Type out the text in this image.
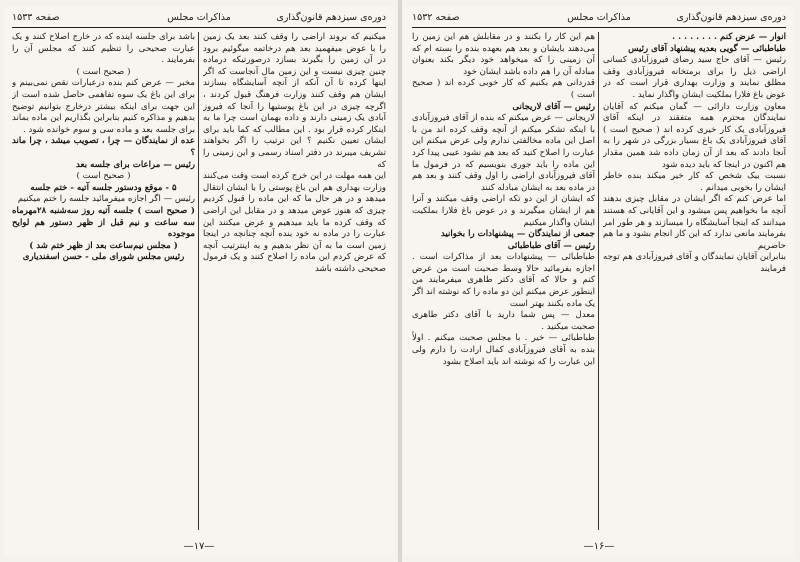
دوره‌ی سیزدهم قانون‌گذاری
مذاکرات مجلس
صفحه ۱۵۳۳

میکنیم که بروند اراضی را وقف کنند بعد یک زمین را با عوض میفهمید بعد هم درخاتمه میگوئیم برود در آن زمین را بگیرند بسازد درصورتیکه درماده چنین چیزی نیست و این زمین مال آنجاست که اگر اینها کرده تا آن آنکه از آنچه آسایشگاه بسازند ایشان هم وقف کنند وزارت فرهنگ قبول کردند ، اگرچه چیزی در این باغ پوستیها را آنجا که فیروز آبادی یک زمینی دارند و داده بهمان است چرا ما به اینکار کرده قرار بود . این مطالب که کما باید برای ایشان تعیین نکنیم ؟ این ترتیب را اگر بخواهند تشریف میبرند در دفتر اسناد رسمی و این زمینی را که

این همه مهلت در این خرج کرده است وقت می‌کنند وزارت بهداری هم این باغ پوستی را با ایشان انتقال میدهد و در هر حال ما که این ماده را قبول کردیم چیزی که هنوز عوض میدهد و در مقابل این اراضی که وقف کرده ما باید میدهیم و عرض میکنند این عبارت را در ماده نه خود بنده آنچه چنانچه در اینجا زمین است ما به آن نظر بدهیم و به اینترتیب آنچه که عرض کردم این ماده را اصلاح کنند و یک فرمول صحیحی داشته باشد

باشد برای جلسه آینده که در خارج اصلاح کنند و یک عبارت صحیحی را تنظیم کنند که مجلس آن را بفرمایند .

( صحیح است )

مخبر — عرض کنم بنده درعبارات نقص نمی‌بینم و برای این باغ یک سوه تفاهمی حاصل شده است از این جهت برای اینکه بیشتر درخارج بتوانیم توضیح بدهیم و مذاکره کنیم بنابراین بگذاریم این ماده بماند برای جلسه بعد و ماده سی و سوم خوانده شود .

عده از نمایندگان — چرا ، تصویب میشد ، چرا ماند ؟

رئیس — مراعات برای جلسه بعد

( صحیح است )

۵ - موقع ودستور جلسه آتیه - ختم جلسه

رئیس — اگر اجازه میفرمائید جلسه را ختم میکنیم

( صحیح است ) جلسه آتیه روز سه‌شنبه ۲۸مهرماه سه ساعت و نیم قبل از ظهر دستور هم لوایح موجوده

( مجلس نیم‌ساعت بعد از ظهر ختم شد )

رئیس مجلس شورای ملی - حسن اسفندیاری

—۱۷—
دوره‌ی سیزدهم قانون‌گذاری
مذاکرات مجلس
صفحه ۱۵۳۲

انوار — عرض کنم . . . . . . . .

طباطبائی — گویی بعدیه پیشنهاد آقای رئیس

رئیس — آقای حاج سید رضای فیروزآبادی کسانی اراضی ذیل را برای برمتخانه فیروزآبادی وقف مطلق نمایند و وزارت بهداری قرار است که در عوض باغ فلارا بملکیت ایشان واگذار نماید .

معاون وزارت دارائی — گمان میکنم که آقایان نمایندگان محترم همه متفقند در اینکه آقای فیروزآبادی یک کار خیری کرده اند ( صحیح است ) آقای فیروزآبادی یک باغ بسیار بزرگی در شهر را به آنجا دادند که بعد از آن زمان داده شد همین مقدار هم اکنون در اینجا که باید دیده شود

نسبت بیک شخص که کار خیر میکند بنده خاطر ایشان را بخوبی میدانم .

اما عرض کنم که اگر ایشان در مقابل چیزی بدهند آنچه ما بخواهیم پس میشود و این آقایانی که هستند میدانند که اینجا آسایشگاه را میسازند و هر طور امر بفرمایند مانعی ندارد که این کار انجام بشود و ما هم حاضریم

بنابراین آقایان نمایندگان و آقای فیروزآبادی هم توجه فرمایند

هم این کار را بکنند و در مقابلش هم این زمین را می‌دهند بایشان و بعد هم بعهده بنده را بسته ام که آن زمینی را که میخواهد خود دیگر بکند بعنوان مبادله آن را هم داده باشد ایشان خود

قدردانی هم بکنیم که کار خوبی کرده اند ( صحیح است )

رئیس — آقای لاریجانی

لاریجانی — عرض میکنم که بنده از آقای فیروزآبادی با اینکه تشکر میکنم از آنچه وقف کرده اند من با اصل این ماده مخالفتی ندارم ولی عرض میکنم این عبارت را اصلاح کنید که بعد هم نشود عیبی پیدا کرد این ماده را باید جوری بنویسیم که در فرمول ما آقای فیروزآبادی اراضی را اول وقف کنند و بعد هم در ماده بعد به ایشان مبادله کنند

که ایشان از این دو تکه اراضی وقف میکنند و آنرا هم از ایشان میگیرند و در عوض باغ فلارا بملکیت ایشان واگذار میکنیم

جمعی از نمایندگان — پیشنهادات را بخوانید

رئیس — آقای طباطبائی

طباطبائی — پیشنهادات بعد از مذاکرات است . اجازه بفرمائید حالا وسط صحبت است من عرض کنم و حالا که آقای دکتر طاهری میفرمایند من اینطور عرض میکنم این دو ماده را که نوشته اند اگر یک ماده بکنند بهتر است

معدل — پس شما دارید با آقای دکتر طاهری صحبت میکنید .

طباطبائی — خیر . با مجلس صحبت میکنم . اولاً بنده به آقای فیروزآبادی کمال ارادت را دارم ولی این عبارت را که نوشته اند باید اصلاح بشود

—۱۶—
